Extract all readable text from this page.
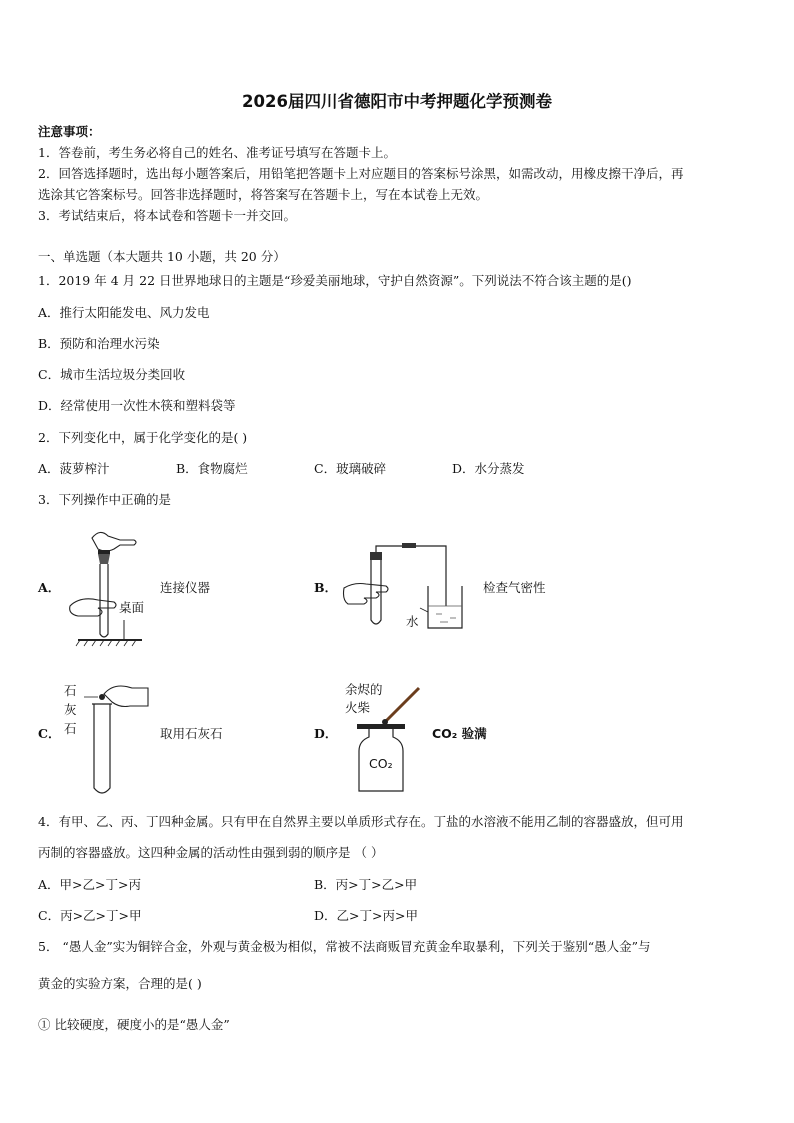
2026届四川省德阳市中考押题化学预测卷
注意事项：
1．答卷前，考生务必将自己的姓名、准考证号填写在答题卡上。
2．回答选择题时，选出每小题答案后，用铅笔把答题卡上对应题目的答案标号涂黑，如需改动，用橡皮擦干净后，再
选涂其它答案标号。回答非选择题时，将答案写在答题卡上，写在本试卷上无效。
3．考试结束后，将本试卷和答题卡一并交回。
一、单选题（本大题共 10 小题，共 20 分）
1．2019 年 4 月 22 日世界地球日的主题是“珍爱美丽地球，守护自然资源”。下列说法不符合该主题的是()
A．推行太阳能发电、风力发电
B．预防和治理水污染
C．城市生活垃圾分类回收
D．经常使用一次性木筷和塑料袋等
2．下列变化中，属于化学变化的是( )
A．菠萝榨汁	B．食物腐烂	C．玻璃破碎	D．水分蒸发
3．下列操作中正确的是
A．
桌面
连接仪器	B．
水
检查气密性
C．
石
灰
石	取用石灰石	D．
余烬的
火柴
CO₂
CO₂ 验满
4．有甲、乙、丙、丁四种金属。只有甲在自然界主要以单质形式存在。丁盐的水溶液不能用乙制的容器盛放，但可用
丙制的容器盛放。这四种金属的活动性由强到弱的顺序是 （ ）
A．甲>乙>丁>丙	B．丙>丁>乙>甲
C．丙>乙>丁>甲	D．乙>丁>丙>甲
5． “愚人金”实为铜锌合金，外观与黄金极为相似，常被不法商贩冒充黄金牟取暴利，下列关于鉴别“愚人金”与
黄金的实验方案，合理的是( )
① 比较硬度，硬度小的是“愚人金”
